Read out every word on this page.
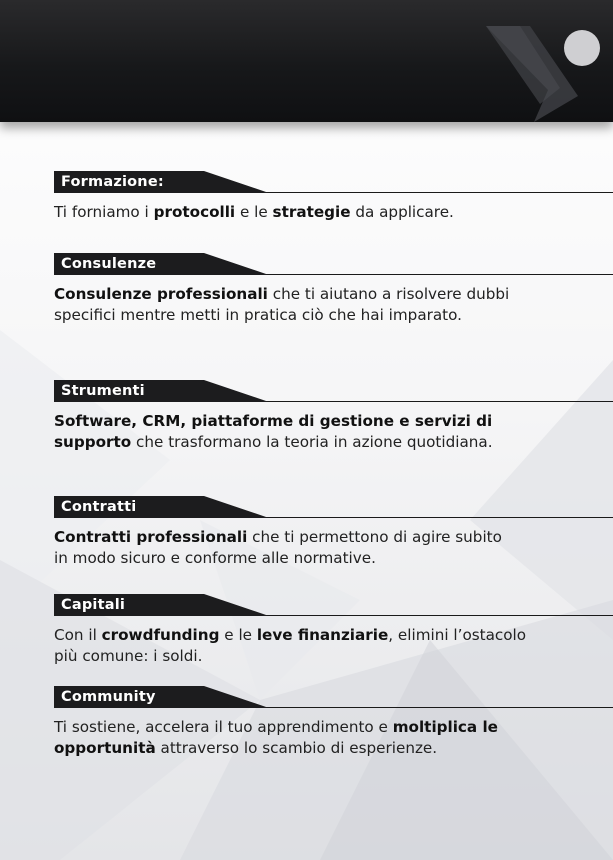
Formazione:
Ti forniamo i protocolli e le strategie da applicare.
Consulenze
Consulenze professionali che ti aiutano a risolvere dubbi
specifici mentre metti in pratica ciò che hai imparato.
Strumenti
Software, CRM, piattaforme di gestione e servizi di
supporto che trasformano la teoria in azione quotidiana.
Contratti
Contratti professionali che ti permettono di agire subito
in modo sicuro e conforme alle normative.
Capitali
Con il crowdfunding e le leve finanziarie, elimini l’ostacolo
più comune: i soldi.
Community
Ti sostiene, accelera il tuo apprendimento e moltiplica le
opportunità attraverso lo scambio di esperienze.
